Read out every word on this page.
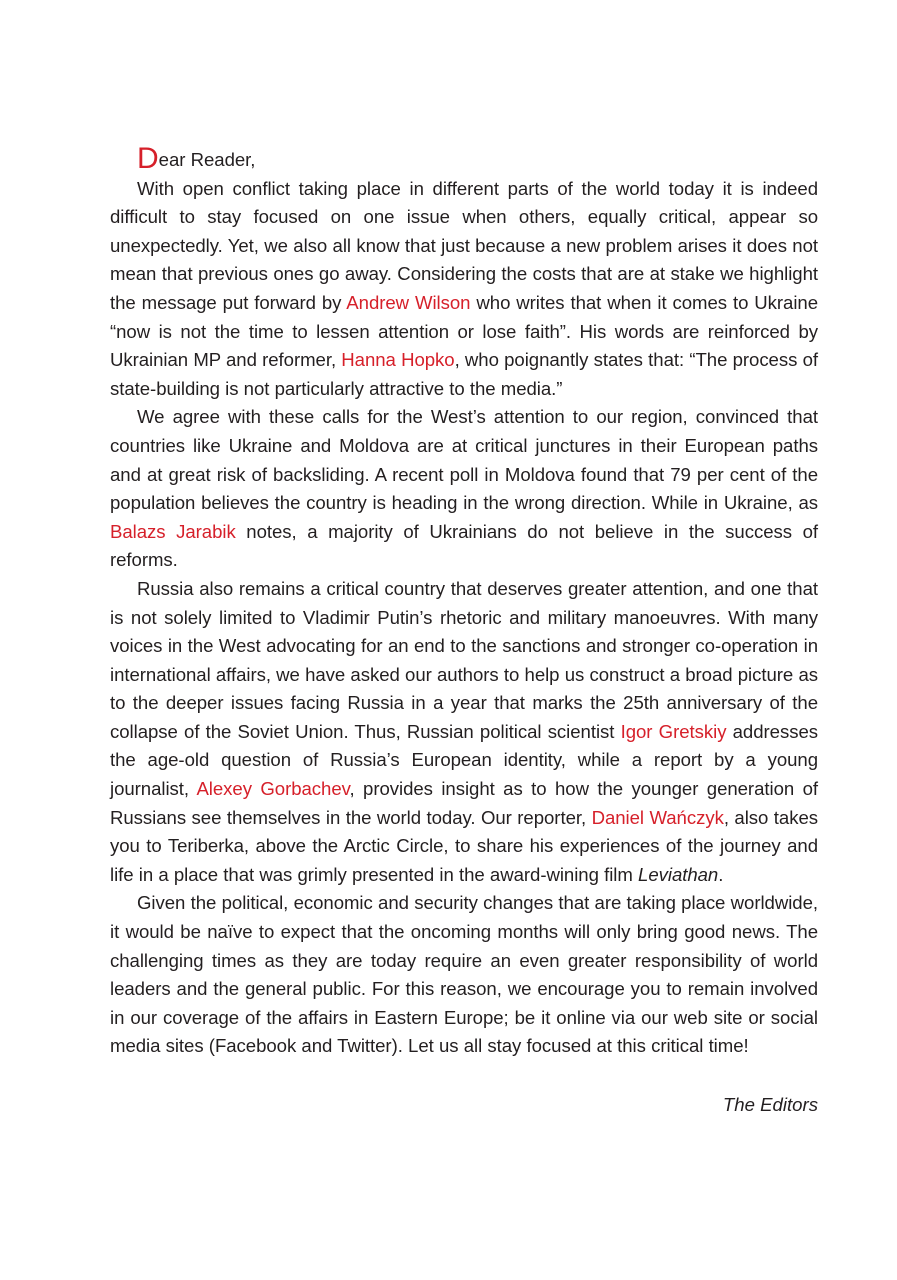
Dear Reader,

With open conflict taking place in different parts of the world today it is indeed difficult to stay focused on one issue when others, equally critical, appear so unexpectedly. Yet, we also all know that just because a new problem arises it does not mean that previous ones go away. Considering the costs that are at stake we highlight the message put forward by Andrew Wilson who writes that when it comes to Ukraine “now is not the time to lessen attention or lose faith”. His words are reinforced by Ukrainian MP and reformer, Hanna Hopko, who poignantly states that: “The process of state-building is not particularly attractive to the media.”

We agree with these calls for the West’s attention to our region, convinced that countries like Ukraine and Moldova are at critical junctures in their European paths and at great risk of backsliding. A recent poll in Moldova found that 79 per cent of the population believes the country is heading in the wrong direction. While in Ukraine, as Balazs Jarabik notes, a majority of Ukrainians do not believe in the success of reforms.

Russia also remains a critical country that deserves greater attention, and one that is not solely limited to Vladimir Putin’s rhetoric and military manoeuvres. With many voices in the West advocating for an end to the sanctions and stronger co-operation in international affairs, we have asked our authors to help us construct a broad picture as to the deeper issues facing Russia in a year that marks the 25th anniversary of the collapse of the Soviet Union. Thus, Russian political scientist Igor Gretskiy addresses the age-old question of Russia’s European identity, while a report by a young journalist, Alexey Gorbachev, provides insight as to how the younger generation of Russians see themselves in the world today. Our reporter, Daniel Wańczyk, also takes you to Teriberka, above the Arctic Circle, to share his experiences of the journey and life in a place that was grimly presented in the award-wining film Leviathan.

Given the political, economic and security changes that are taking place worldwide, it would be naïve to expect that the oncoming months will only bring good news. The challenging times as they are today require an even greater responsibility of world leaders and the general public. For this reason, we encourage you to remain involved in our coverage of the affairs in Eastern Europe; be it online via our web site or social media sites (Facebook and Twitter). Let us all stay focused at this critical time!

The Editors
